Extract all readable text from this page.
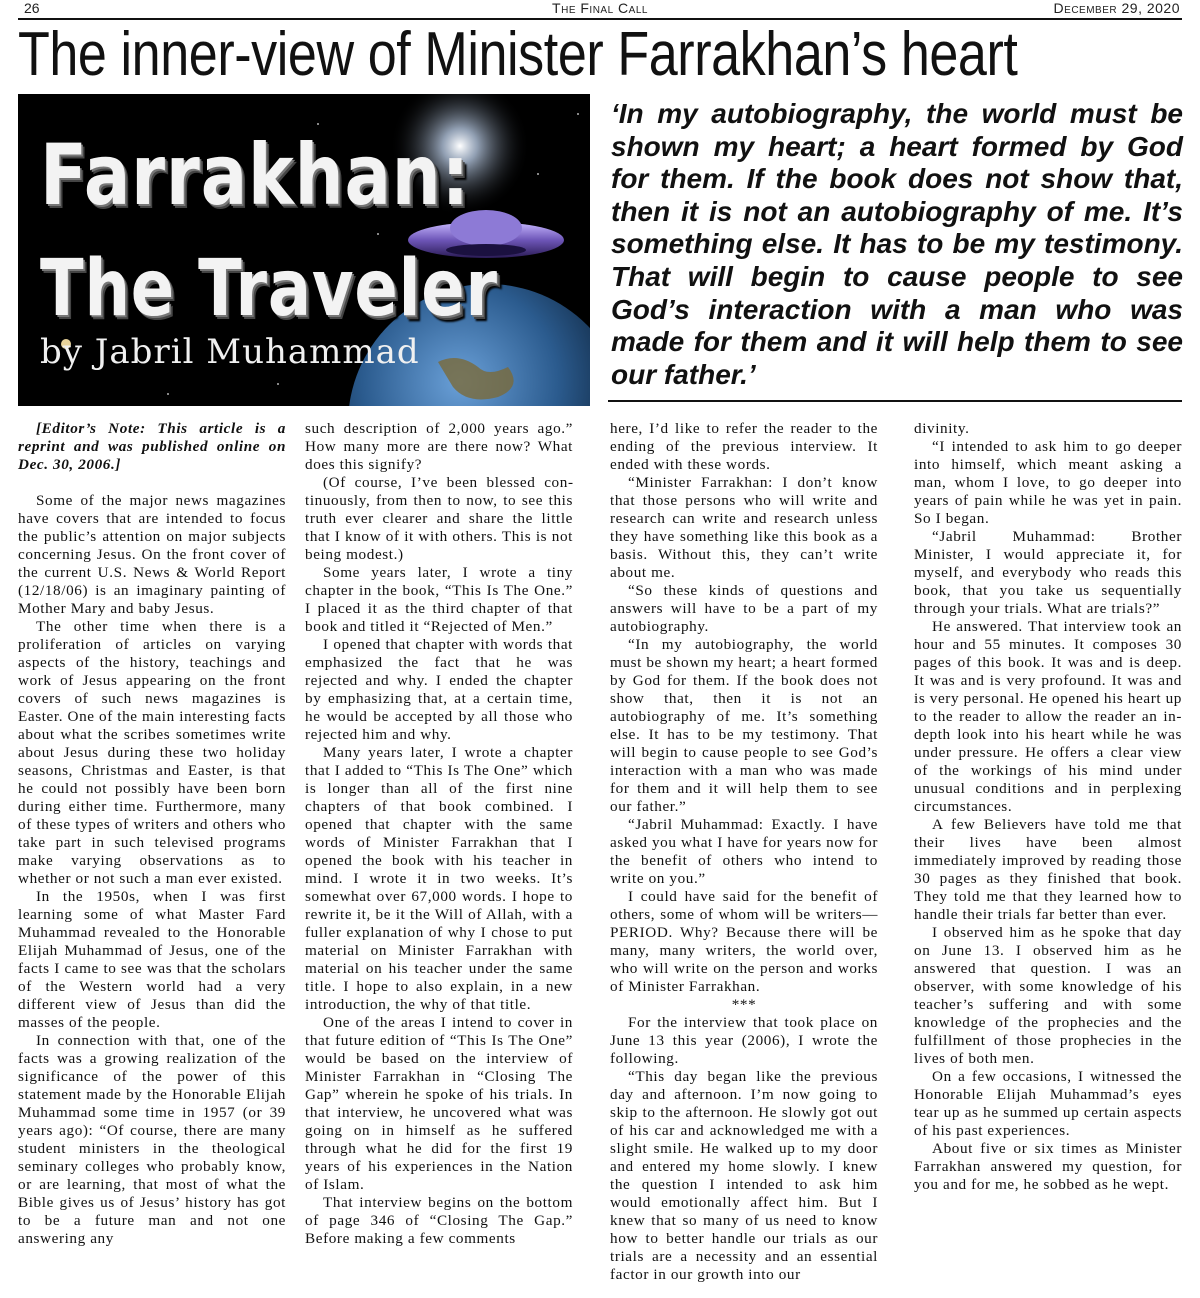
26	The Final Call	December 29, 2020
The inner-view of Minister Farrakhan’s heart
Farrakhan:
The Traveler
by Jabril Muhammad
‘In my autobiography, the world must be shown my heart; a heart formed by God for them. If the book does not show that, then it is not an autobiography of me. It’s something else. It has to be my testimony. That will begin to cause people to see God’s interaction with a man who was made for them and it will help them to see our father.’

[Editor’s Note: This article is a reprint and was published online on Dec. 30, 2006.]

Some of the major news magazines have covers that are intended to focus the public’s attention on major subjects concerning Jesus. On the front cover of the current U.S. News & World Report (12/18/06) is an imaginary painting of Mother Mary and baby Jesus.

The other time when there is a proliferation of articles on varying aspects of the history, teachings and work of Jesus appearing on the front covers of such news magazines is Easter. One of the main interesting facts about what the scribes sometimes write about Jesus during these two holiday seasons, Christmas and Easter, is that he could not possibly have been born during either time. Furthermore, many of these types of writers and others who take part in such televised programs make varying observations as to whether or not such a man ever existed.

In the 1950s, when I was first learning some of what Master Fard Muhammad revealed to the Honorable Elijah Muhammad of Jesus, one of the facts I came to see was that the scholars of the Western world had a very different view of Jesus than did the masses of the people.

In connection with that, one of the facts was a growing realization of the significance of the power of this statement made by the Honorable Elijah Muhammad some time in 1957 (or 39 years ago): “Of course, there are many student ministers in the theological seminary colleges who probably know, or are learning, that most of what the Bible gives us of Jesus’ history has got to be a future man and not one answering any

such description of 2,000 years ago.” How many more are there now? What does this signify?

(Of course, I’ve been blessed continuously, from then to now, to see this truth ever clearer and share the little that I know of it with others. This is not being modest.)

Some years later, I wrote a tiny chapter in the book, “This Is The One.” I placed it as the third chapter of that book and titled it “Rejected of Men.”

I opened that chapter with words that emphasized the fact that he was rejected and why. I ended the chapter by emphasizing that, at a certain time, he would be accepted by all those who rejected him and why.

Many years later, I wrote a chapter that I added to “This Is The One” which is longer than all of the first nine chapters of that book combined. I opened that chapter with the same words of Minister Farrakhan that I opened the book with his teacher in mind. I wrote it in two weeks. It’s somewhat over 67,000 words. I hope to rewrite it, be it the Will of Allah, with a fuller explanation of why I chose to put material on Minister Farrakhan with material on his teacher under the same title. I hope to also explain, in a new introduction, the why of that title.

One of the areas I intend to cover in that future edition of “This Is The One” would be based on the interview of Minister Farrakhan in “Closing The Gap” wherein he spoke of his trials. In that interview, he uncovered what was going on in himself as he suffered through what he did for the first 19 years of his experiences in the Nation of Islam.

That interview begins on the bottom of page 346 of “Closing The Gap.” Before making a few comments

here, I’d like to refer the reader to the ending of the previous interview. It ended with these words.

“Minister Farrakhan: I don’t know that those persons who will write and research can write and research unless they have something like this book as a basis. Without this, they can’t write about me.

“So these kinds of questions and answers will have to be a part of my autobiography.

“In my autobiography, the world must be shown my heart; a heart formed by God for them. If the book does not show that, then it is not an autobiography of me. It’s something else. It has to be my testimony. That will begin to cause people to see God’s interaction with a man who was made for them and it will help them to see our father.”

“Jabril Muhammad: Exactly. I have asked you what I have for years now for the benefit of others who intend to write on you.”

I could have said for the benefit of others, some of whom will be writers—PERIOD. Why? Because there will be many, many writers, the world over, who will write on the person and works of Minister Farrakhan.

***

For the interview that took place on June 13 this year (2006), I wrote the following.

“This day began like the previous day and afternoon. I’m now going to skip to the afternoon. He slowly got out of his car and acknowledged me with a slight smile. He walked up to my door and entered my home slowly. I knew the question I intended to ask him would emotionally affect him. But I knew that so many of us need to know how to better handle our trials as our trials are a necessity and an essential factor in our growth into our

divinity.

“I intended to ask him to go deeper into himself, which meant asking a man, whom I love, to go deeper into years of pain while he was yet in pain. So I began.

“Jabril Muhammad: Brother Minister, I would appreciate it, for myself, and everybody who reads this book, that you take us sequentially through your trials. What are trials?”

He answered. That interview took an hour and 55 minutes. It composes 30 pages of this book. It was and is deep. It was and is very profound. It was and is very personal. He opened his heart up to the reader to allow the reader an in-depth look into his heart while he was under pressure. He offers a clear view of the workings of his mind under unusual conditions and in perplexing circumstances.

A few Believers have told me that their lives have been almost immediately improved by reading those 30 pages as they finished that book. They told me that they learned how to handle their trials far better than ever.

I observed him as he spoke that day on June 13. I observed him as he answered that question. I was an observer, with some knowledge of his teacher’s suffering and with some knowledge of the prophecies and the fulfillment of those prophecies in the lives of both men.

On a few occasions, I witnessed the Honorable Elijah Muhammad’s eyes tear up as he summed up certain aspects of his past experiences.

About five or six times as Minister Farrakhan answered my question, for you and for me, he sobbed as he wept.
